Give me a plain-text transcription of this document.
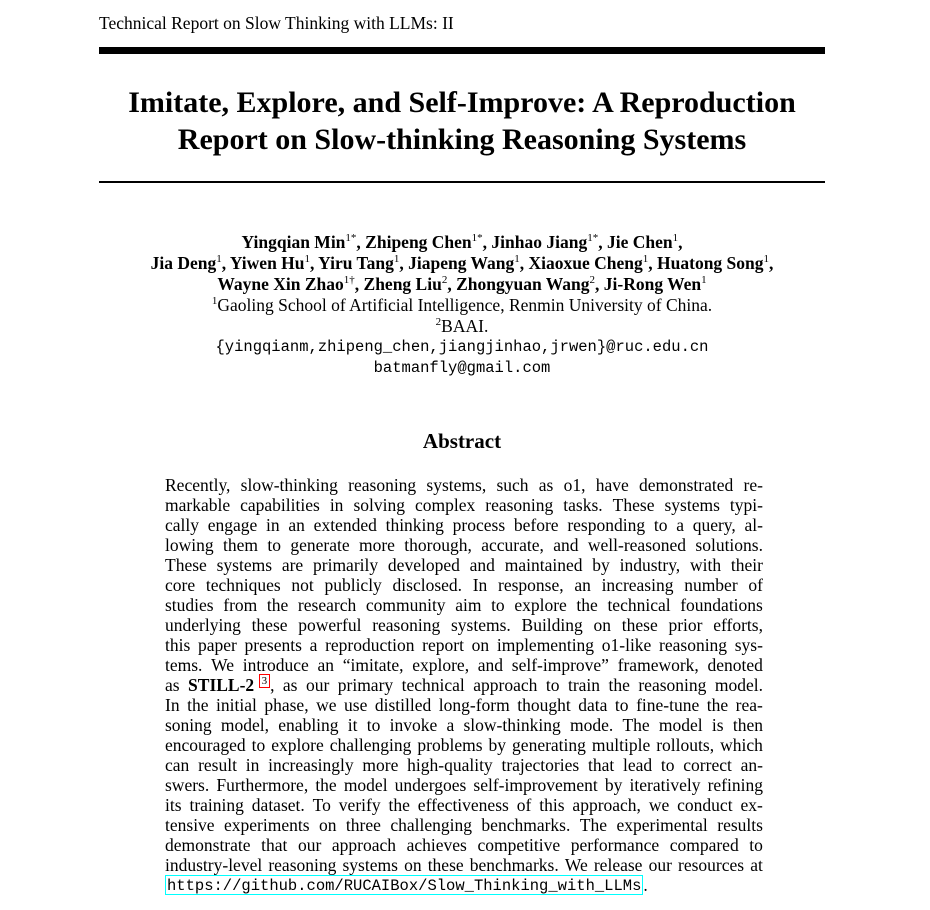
Technical Report on Slow Thinking with LLMs: II
Imitate, Explore, and Self-Improve: A Reproduction
Report on Slow-thinking Reasoning Systems
Yingqian Min$^{1*}$, Zhipeng Chen$^{1*}$, Jinhao Jiang$^{1*}$, Jie Chen$^1$,
Jia Deng$^1$, Yiwen Hu$^1$, Yiru Tang$^1$, Jiapeng Wang$^1$, Xiaoxue Cheng$^1$, Huatong Song$^1$,
Wayne Xin Zhao$^{1\dagger}$, Zheng Liu$^2$, Zhongyuan Wang$^2$, Ji-Rong Wen$^1$
$^1$Gaoling School of Artificial Intelligence, Renmin University of China.
$^2$BAAI.
{yingqianm,zhipeng_chen,jiangjinhao,jrwen}@ruc.edu.cn
batmanfly@gmail.com
Abstract
Recently, slow-thinking reasoning systems, such as o1, have demonstrated re-
markable capabilities in solving complex reasoning tasks. These systems typi-
cally engage in an extended thinking process before responding to a query, al-
lowing them to generate more thorough, accurate, and well-reasoned solutions.
These systems are primarily developed and maintained by industry, with their
core techniques not publicly disclosed. In response, an increasing number of
studies from the research community aim to explore the technical foundations
underlying these powerful reasoning systems. Building on these prior efforts,
this paper presents a reproduction report on implementing o1-like reasoning sys-
tems. We introduce an “imitate, explore, and self-improve” framework, denoted
as STILL-2 $^3$ , as our primary technical approach to train the reasoning model.
In the initial phase, we use distilled long-form thought data to fine-tune the rea-
soning model, enabling it to invoke a slow-thinking mode. The model is then
encouraged to explore challenging problems by generating multiple rollouts, which
can result in increasingly more high-quality trajectories that lead to correct an-
swers. Furthermore, the model undergoes self-improvement by iteratively refining
its training dataset. To verify the effectiveness of this approach, we conduct ex-
tensive experiments on three challenging benchmarks. The experimental results
demonstrate that our approach achieves competitive performance compared to
industry-level reasoning systems on these benchmarks. We release our resources at
https://github.com/RUCAIBox/Slow_Thinking_with_LLMs .
